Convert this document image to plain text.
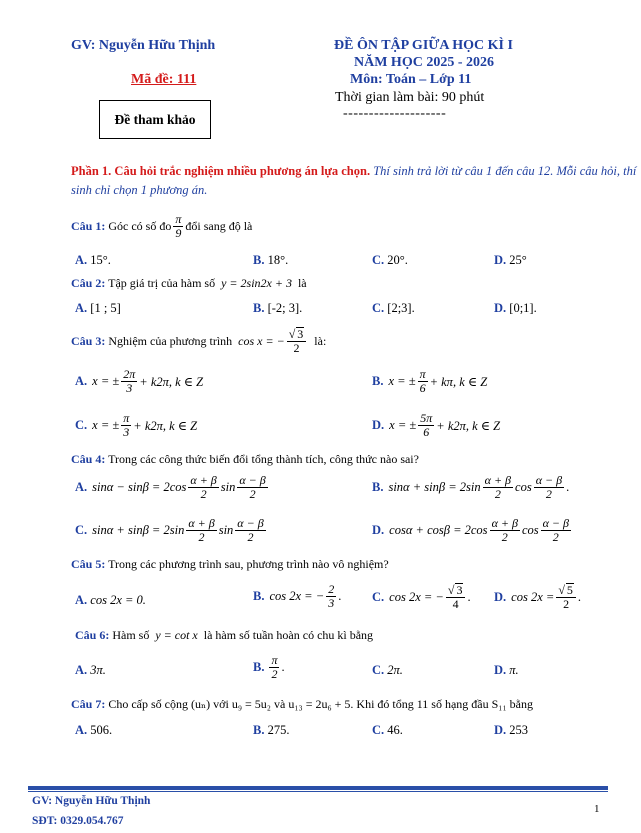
GV: Nguyễn Hữu Thịnh
Mã đề: 111
Đề tham khảo
ĐỀ ÔN TẬP GIỮA HỌC KÌ I
NĂM HỌC 2025 - 2026
Môn: Toán – Lớp 11
Thời gian làm bài: 90 phút
--------------------
Phần 1. Câu hỏi trắc nghiệm nhiều phương án lựa chọn. Thí sinh trả lời từ câu 1 đến câu 12. Mỗi câu hỏi, thí sinh chỉ chọn 1 phương án.
Câu 1: Góc có số đo $\frac{\pi}{9}$ đổi sang độ là
A. 15°.	B. 18°.	C. 20°.	D. 25°
Câu 2: Tập giá trị của hàm số y = 2sin2x + 3 là
A. [1 ; 5]	B. [-2; 3].	C. [2;3].	D. [0;1].
Câu 3: Nghiệm của phương trình cos x = − $\frac{√ 3}{2}$ là:
A. x = ± $\frac{2\pi}{3} + k2\pi$, k ∈ Z	B. x = ± $\frac{\pi}{6} + k\pi$, k ∈ Z
C. x = ± $\frac{\pi}{3} + k2\pi$, k ∈ Z	D. x = ± $\frac{5\pi}{6} + k2\pi$, k ∈ Z
Câu 4: Trong các công thức biến đổi tổng thành tích, công thức nào sai?
A. $\sin\alpha - \sin\beta = 2\cos \frac{\alpha + \beta}{2}$ $\sin \frac{\alpha - \beta}{2}$	B. $\sin\alpha + \sin\beta = 2\sin \frac{\alpha + \beta}{2}$ $\cos \frac{\alpha - \beta}{2}$ .
C. $\sin\alpha + \sin\beta = 2\sin \frac{\alpha + \beta}{2}$ $\sin \frac{\alpha - \beta}{2}$	D. $\cos\alpha + \cos\beta = 2\cos \frac{\alpha + \beta}{2}$ $\cos \frac{\alpha - \beta}{2}$
Câu 5: Trong các phương trình sau, phương trình nào vô nghiệm?
A. cos 2x = 0.	B. cos 2x = − $\frac{2}{3}$ . C. cos 2x = − $\frac{√ 3}{4}$ . D. $\cos 2x = \frac{√ 5}{2}$ .
Câu 6: Hàm số y = cot x là hàm số tuần hoàn có chu kì bằng
A. 3π.	B. $\frac{\pi}{2}$ .	C. 2π.	D. π.
Câu 7: Cho cấp số cộng (uₙ) với u₉ = 5u₂ và u₁₃ = 2u₆ + 5. Khi đó tổng 11 số hạng đầu S₁₁ bằng
A. 506.	B. 275.	C. 46.	D. 253
GV: Nguyễn Hữu Thịnh
SĐT: 0329.054.767
1
